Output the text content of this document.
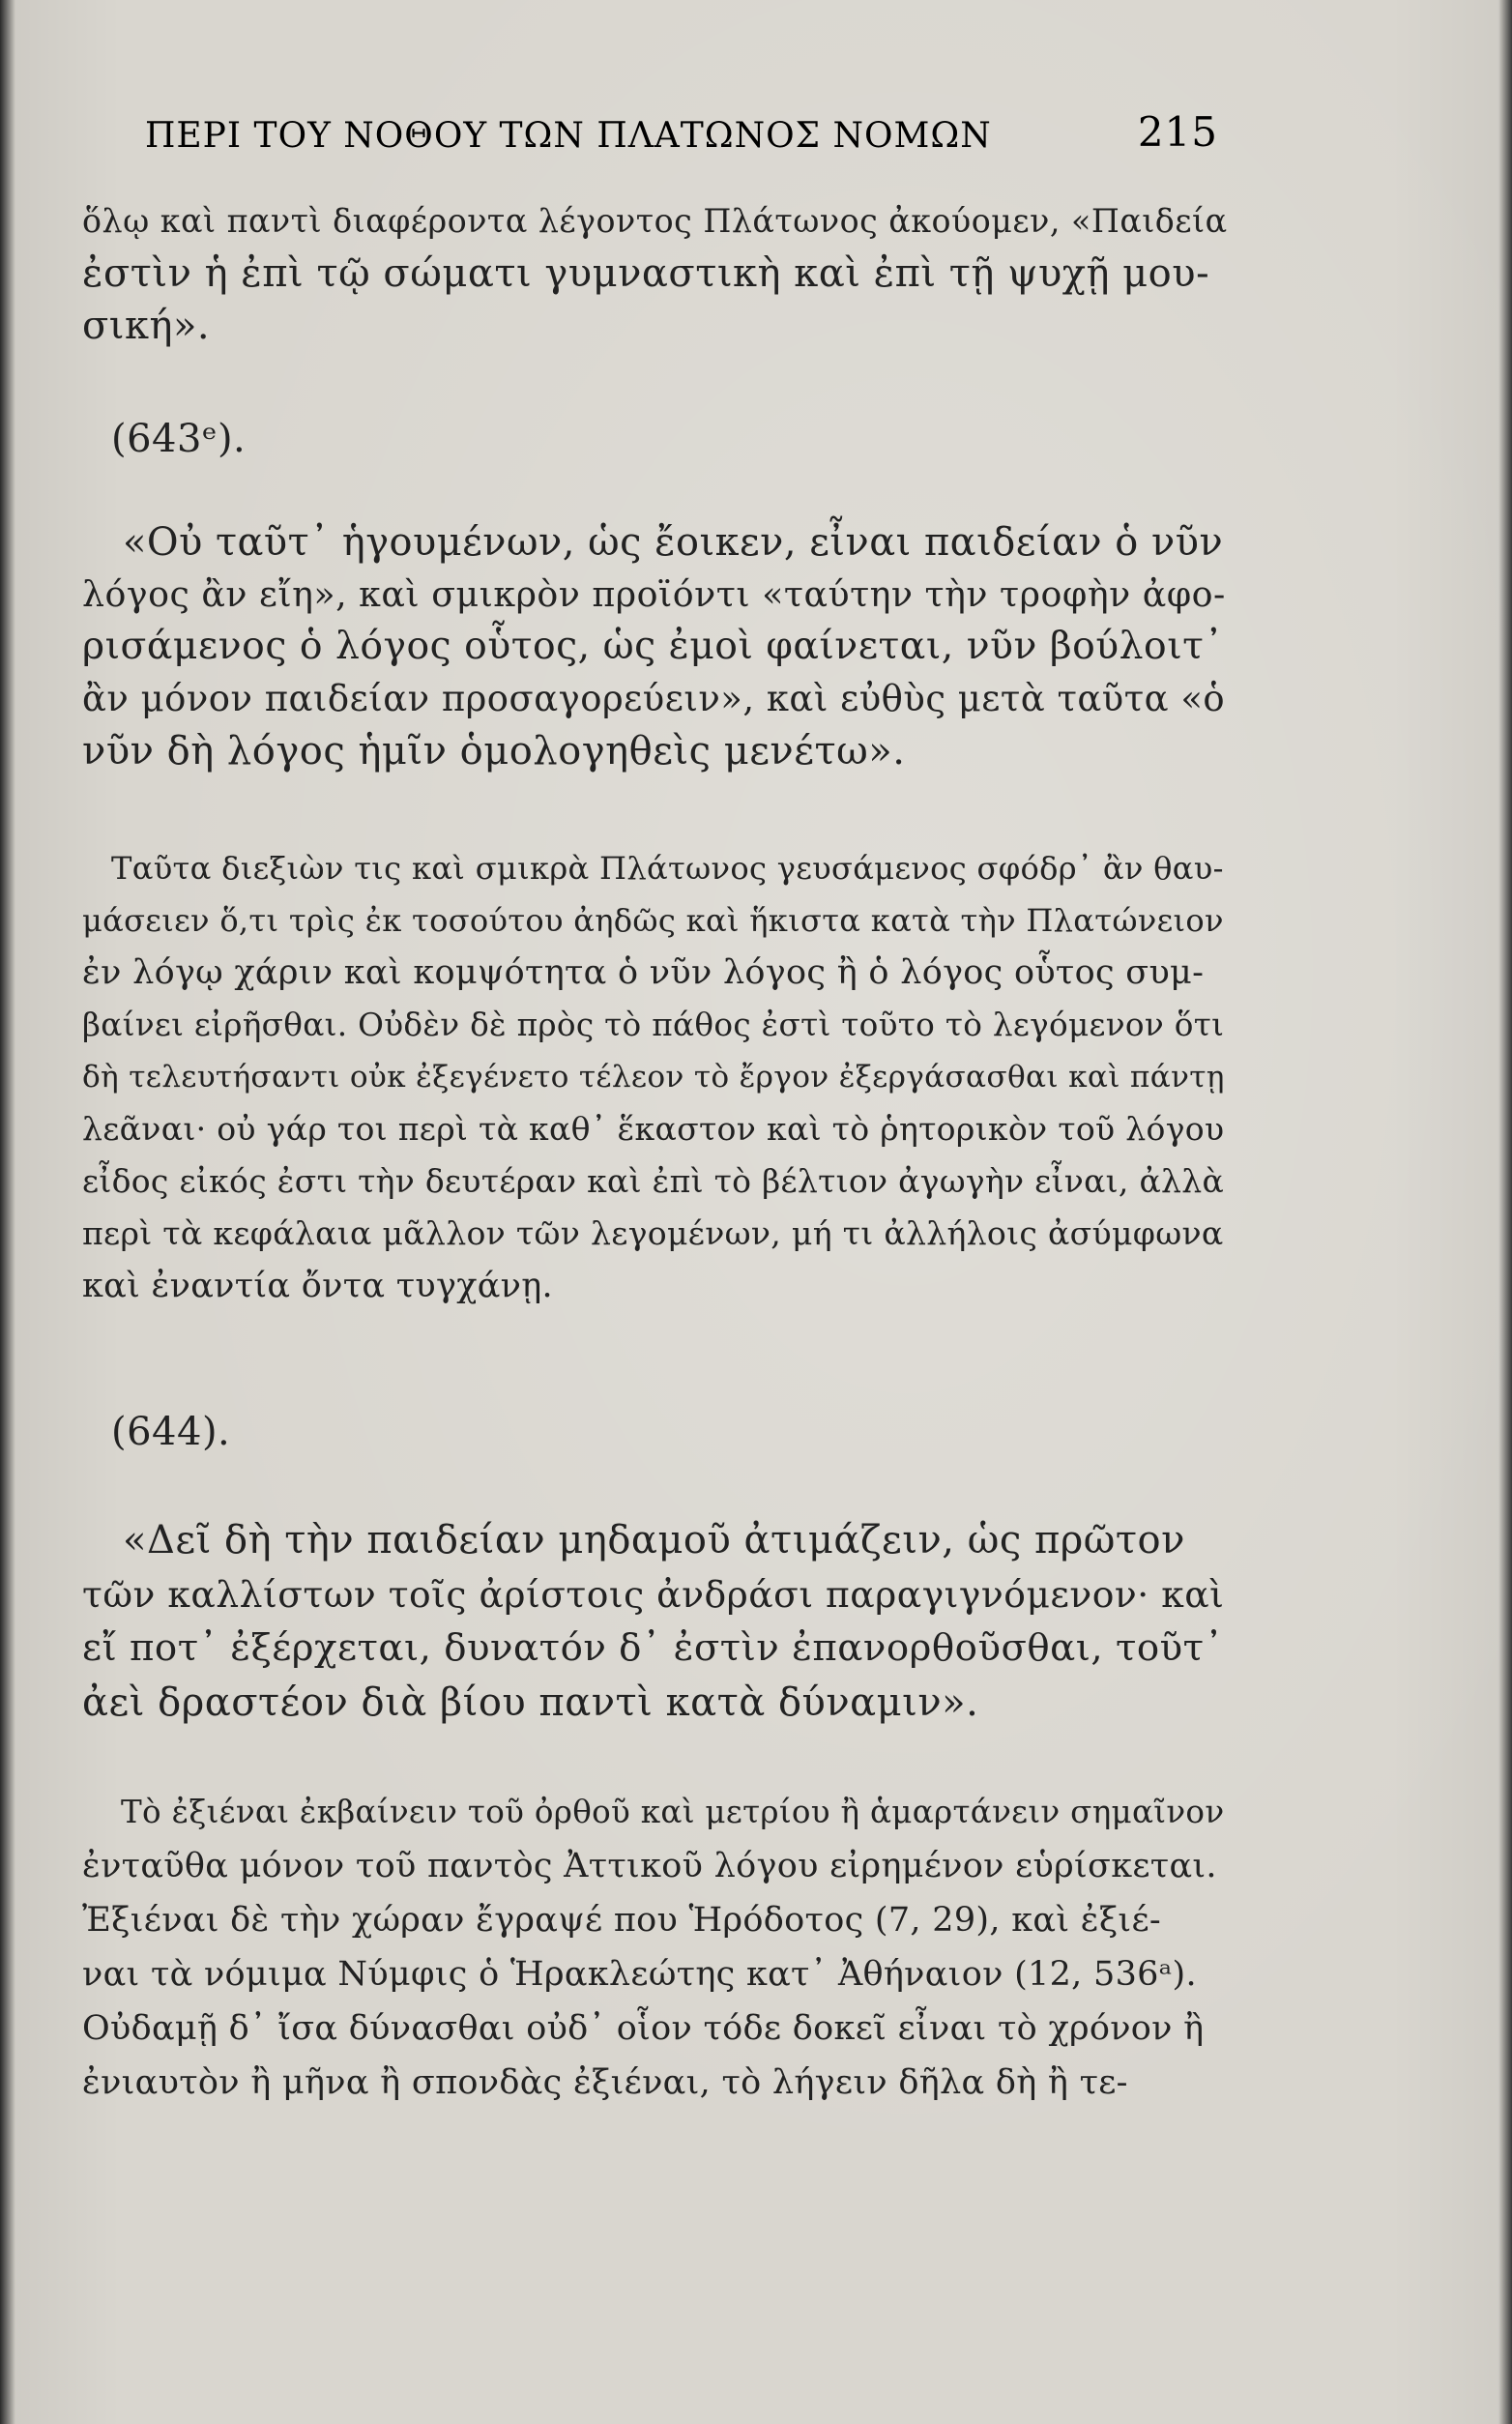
ΠΕΡΙ ΤΟΥ ΝΟΘΟΥ ΤΩΝ ΠΛΑΤΩΝΟΣ ΝΟΜΩΝ	215
ὅλῳ καὶ παντὶ διαφέροντα λέγοντος Πλάτωνος ἀκούομεν, «Παιδεία
ἐστὶν ἡ ἐπὶ τῷ σώματι γυμναστικὴ καὶ ἐπὶ τῇ ψυχῇ μου-
σική».
(643ᵉ).
«Οὐ ταῦτ᾽ ἡγουμένων, ὡς ἔοικεν, εἶναι παιδείαν ὁ νῦν
λόγος ἂν εἴη», καὶ σμικρὸν προϊόντι «ταύτην τὴν τροφὴν ἀφο-
ρισάμενος ὁ λόγος οὗτος, ὡς ἐμοὶ φαίνεται, νῦν βούλοιτ᾽
ἂν μόνον παιδείαν προσαγορεύειν», καὶ εὐθὺς μετὰ ταῦτα «ὁ
νῦν δὴ λόγος ἡμῖν ὁμολογηθεὶς μενέτω».
Ταῦτα διεξιὼν τις καὶ σμικρὰ Πλάτωνος γευσάμενος σφόδρ᾽ ἂν θαυ-
μάσειεν ὅ,τι τρὶς ἐκ τοσούτου ἀηδῶς καὶ ἥκιστα κατὰ τὴν Πλατώνειον
ἐν λόγῳ χάριν καὶ κομψότητα ὁ νῦν λόγος ἢ ὁ λόγος οὗτος συμ-
βαίνει εἰρῆσθαι. Οὐδὲν δὲ πρὸς τὸ πάθος ἐστὶ τοῦτο τὸ λεγόμενον ὅτι
δὴ τελευτήσαντι οὐκ ἐξεγένετο τέλεον τὸ ἔργον ἐξεργάσασθαι καὶ πάντῃ
λεᾶναι· οὐ γάρ τοι περὶ τὰ καθ᾽ ἕκαστον καὶ τὸ ῥητορικὸν τοῦ λόγου
εἶδος εἰκός ἐστι τὴν δευτέραν καὶ ἐπὶ τὸ βέλτιον ἀγωγὴν εἶναι, ἀλλὰ
περὶ τὰ κεφάλαια μᾶλλον τῶν λεγομένων, μή τι ἀλλήλοις ἀσύμφωνα
καὶ ἐναντία ὄντα τυγχάνῃ.
(644).
«Δεῖ δὴ τὴν παιδείαν μηδαμοῦ ἀτιμάζειν, ὡς πρῶτον
τῶν καλλίστων τοῖς ἀρίστοις ἀνδράσι παραγιγνόμενον· καὶ
εἴ ποτ᾽ ἐξέρχεται, δυνατόν δ᾽ ἐστὶν ἐπανορθοῦσθαι, τοῦτ᾽
ἀεὶ δραστέον διὰ βίου παντὶ κατὰ δύναμιν».
Τὸ ἐξιέναι ἐκβαίνειν τοῦ ὀρθοῦ καὶ μετρίου ἢ ἁμαρτάνειν σημαῖνον
ἐνταῦθα μόνον τοῦ παντὸς Ἀττικοῦ λόγου εἰρημένον εὑρίσκεται.
Ἐξιέναι δὲ τὴν χώραν ἔγραψέ που Ἡρόδοτος (7, 29), καὶ ἐξιέ-
ναι τὰ νόμιμα Νύμφις ὁ Ἡρακλεώτης κατ᾽ Ἀθήναιον (12, 536ᵃ).
Οὐδαμῇ δ᾽ ἴσα δύνασθαι οὐδ᾽ οἷον τόδε δοκεῖ εἶναι τὸ χρόνον ἢ
ἐνιαυτὸν ἢ μῆνα ἢ σπονδὰς ἐξιέναι, τὸ λήγειν δῆλα δὴ ἢ τε-
